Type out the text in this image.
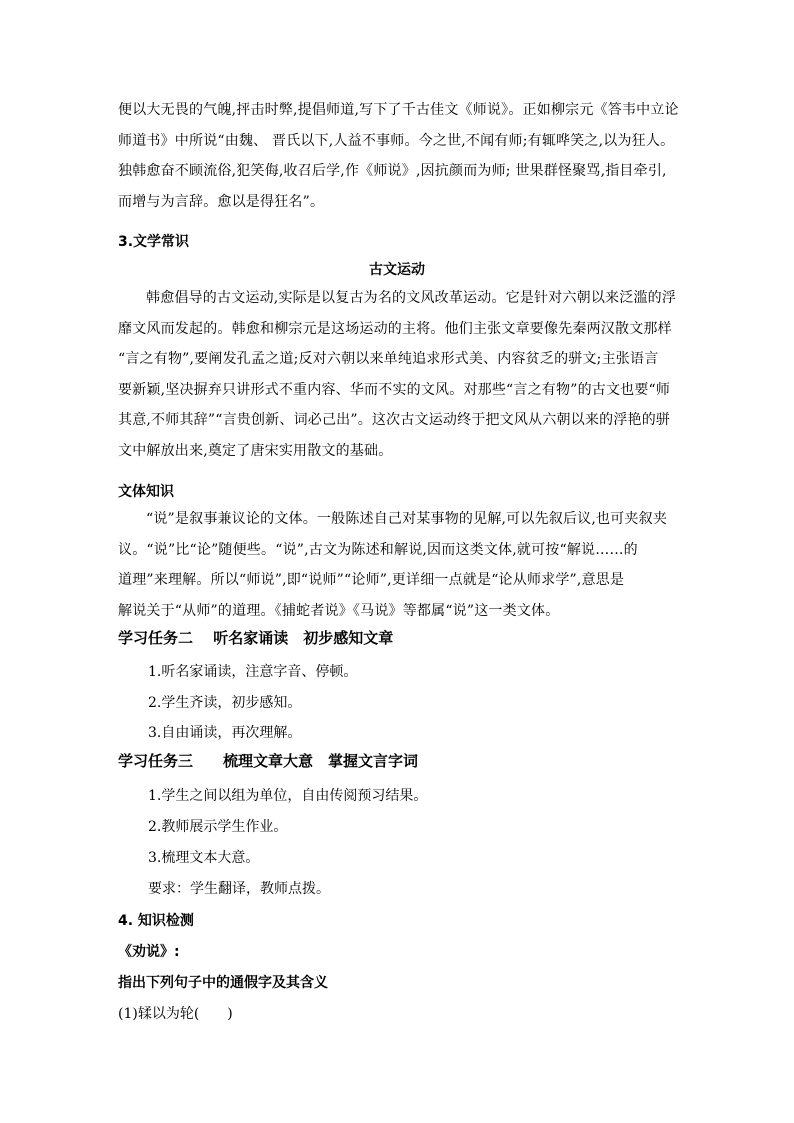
便以大无畏的气魄,抨击时弊,提倡师道,写下了千古佳文《师说》。正如柳宗元《答韦中立论
师道书》中所说“由魏、 晋氏以下,人益不事师。今之世,不闻有师;有辄哗笑之,以为狂人。
独韩愈奋不顾流俗,犯笑侮,收召后学,作《师说》,因抗颜而为师; 世果群怪聚骂,指目牵引,
而增与为言辞。愈以是得狂名”。
3.文学常识
古文运动
韩愈倡导的古文运动,实际是以复古为名的文风改革运动。它是针对六朝以来泛滥的浮
靡文风而发起的。韩愈和柳宗元是这场运动的主将。他们主张文章要像先秦两汉散文那样
“言之有物”,要阐发孔孟之道;反对六朝以来单纯追求形式美、内容贫乏的骈文;主张语言
要新颖,坚决摒弃只讲形式不重内容、华而不实的文风。对那些“言之有物”的古文也要“师
其意,不师其辞”“言贵创新、词必己出”。这次古文运动终于把文风从六朝以来的浮艳的骈
文中解放出来,奠定了唐宋实用散文的基础。
文体知识
“说”是叙事兼议论的文体。一般陈述自己对某事物的见解,可以先叙后议,也可夹叙夹
议。“说”比“论”随便些。“说”,古文为陈述和解说,因而这类文体,就可按“解说……的
道理”来理解。所以“师说”,即“说师”“论师”,更详细一点就是“论从师求学”,意思是
解说关于“从师”的道理。《捕蛇者说》《马说》等都属“说”这一类文体。
学习任务二　 听名家诵读　初步感知文章
1.听名家诵读，注意字音、停顿。
2.学生齐读，初步感知。
3.自由诵读，再次理解。
学习任务三　　梳理文章大意　掌握文言字词
1.学生之间以组为单位，自由传阅预习结果。
2.教师展示学生作业。
3.梳理文本大意。
要求：学生翻译，教师点拨。
4. 知识检测
《劝说》:
指出下列句子中的通假字及其含义
(1)𫐓以为轮(　　)
